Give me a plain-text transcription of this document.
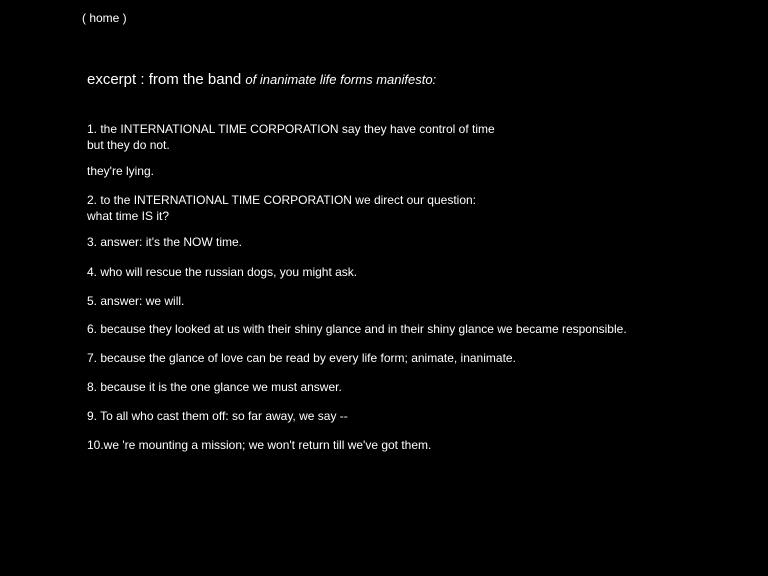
( home )
excerpt : from the band of inanimate life forms manifesto:
1. the INTERNATIONAL TIME CORPORATION say they have control of time
but they do not.
they're lying.
2. to the INTERNATIONAL TIME CORPORATION we direct our question:
what time IS it?
3. answer: it's the NOW time.
4. who will rescue the russian dogs, you might ask.
5. answer: we will.
6. because they looked at us with their shiny glance and in their shiny glance we became responsible.
7. because the glance of love can be read by every life form; animate, inanimate.
8. because it is the one glance we must answer.
9. To all who cast them off: so far away, we say --
10.we 're mounting a mission; we won't return till we've got them.
